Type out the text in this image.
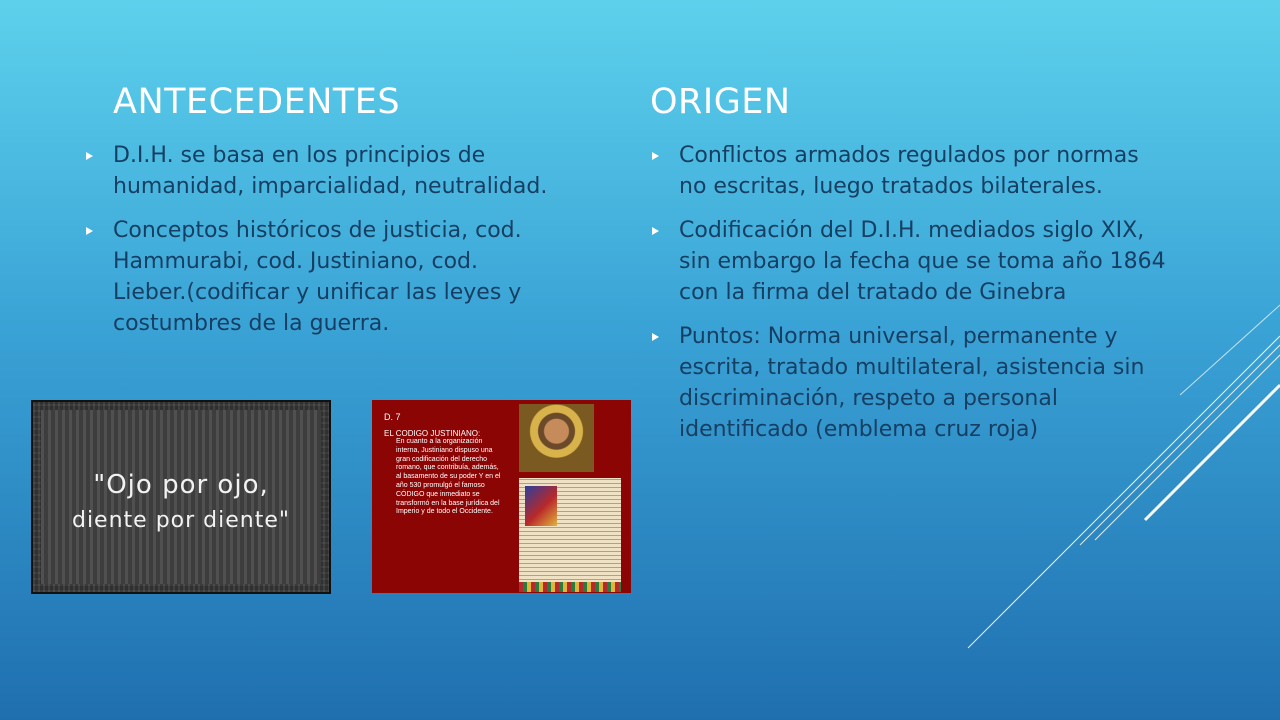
ANTECEDENTES	ORIGEN
D.I.H. se basa en los principios de humanidad, imparcialidad, neutralidad.
Conceptos históricos de justicia, cod. Hammurabi, cod. Justiniano, cod. Lieber.(codificar y unificar las leyes y costumbres de la guerra.
Conflictos armados regulados por normas no escritas, luego tratados bilaterales.
Codificación del D.I.H. mediados siglo XIX, sin embargo la fecha que se toma año 1864 con la firma del tratado de Ginebra
Puntos: Norma universal, permanente y escrita, tratado multilateral, asistencia sin discriminación, respeto a personal identificado (emblema cruz roja)
"Ojo por ojo,
diente por diente"
D. 7
EL CODIGO JUSTINIANO:
En cuanto a la organización interna, Justiniano dispuso una gran codificación del derecho romano, que contribuía, además, al basamento de su poder Y en el año 530 promulgó el famoso CÓDIGO que inmediato se transformó en la base jurídica del Imperio y de todo el Occidente.
